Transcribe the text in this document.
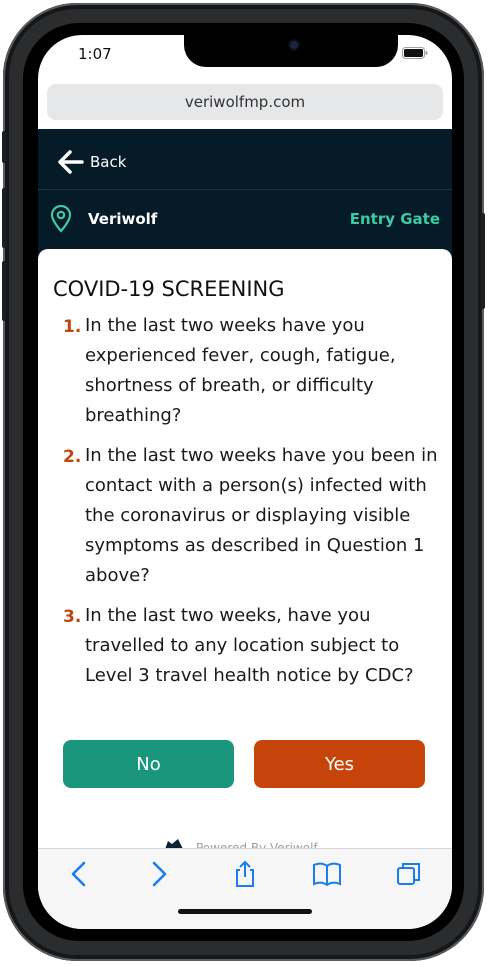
1:07
veriwolfmp.com
Back
Veriwolf	Entry Gate
COVID-19 SCREENING
1. In the last two weeks have you
experienced fever, cough, fatigue,
shortness of breath, or difficulty
breathing?
2. In the last two weeks have you been in
contact with a person(s) infected with
the coronavirus or displaying visible
symptoms as described in Question 1
above?
3. In the last two weeks, have you
travelled to any location subject to
Level 3 travel health notice by CDC?
No	Yes
